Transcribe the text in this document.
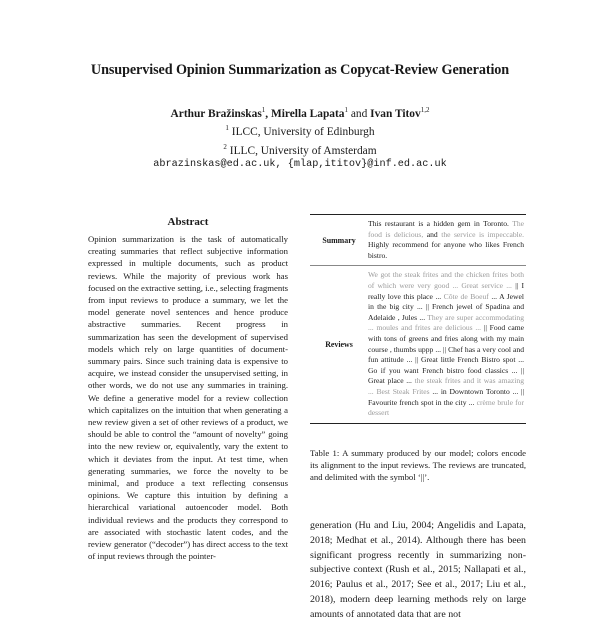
Unsupervised Opinion Summarization as Copycat-Review Generation
Arthur Bražinskas$^1$, Mirella Lapata$^1$ and Ivan Titov$^{1,2}$
$^1$ ILCC, University of Edinburgh
$^2$ ILLC, University of Amsterdam
abrazinskas@ed.ac.uk, {mlap,ititov}@inf.ed.ac.uk
Abstract
Opinion summarization is the task of automatically creating summaries that reflect subjective information expressed in multiple documents, such as product reviews. While the majority of previous work has focused on the extractive setting, i.e., selecting fragments from input reviews to produce a summary, we let the model generate novel sentences and hence produce abstractive summaries. Recent progress in summarization has seen the development of supervised models which rely on large quantities of document-summary pairs. Since such training data is expensive to acquire, we instead consider the unsupervised setting, in other words, we do not use any summaries in training. We define a generative model for a review collection which capitalizes on the intuition that when generating a new review given a set of other reviews of a product, we should be able to control the “amount of novelty” going into the new review or, equivalently, vary the extent to which it deviates from the input. At test time, when generating summaries, we force the novelty to be minimal, and produce a text reflecting consensus opinions. We capture this intuition by defining a hierarchical variational autoencoder model. Both individual reviews and the products they correspond to are associated with stochastic latent codes, and the review generator (“decoder”) has direct access to the text of input reviews through the pointer-
Summary
This restaurant is a hidden gem in Toronto. The food is delicious, and the service is impeccable. Highly recommend for anyone who likes French bistro.
Reviews
We got the steak frites and the chicken frites both of which were very good ... Great service ... || I really love this place ... Côte de Boeuf ... A Jewel in the big city ... || French jewel of Spadina and Adelaide , Jules ... They are super accommodating ... moules and frites are delicious ... || Food came with tons of greens and fries along with my main course , thumbs uppp ... || Chef has a very cool and fun attitude ... || Great little French Bistro spot ... Go if you want French bistro food classics ... || Great place ... the steak frites and it was amazing ... Best Steak Frites ... in Downtown Toronto ... || Favourite french spot in the city ... crème brule for dessert
Table 1: A summary produced by our model; colors encode its alignment to the input reviews. The reviews are truncated, and delimited with the symbol ‘||’.
generation (Hu and Liu, 2004; Angelidis and Lapata, 2018; Medhat et al., 2014). Although there has been significant progress recently in summarizing non-subjective context (Rush et al., 2015; Nallapati et al., 2016; Paulus et al., 2017; See et al., 2017; Liu et al., 2018), modern deep learning methods rely on large amounts of annotated data that are not
